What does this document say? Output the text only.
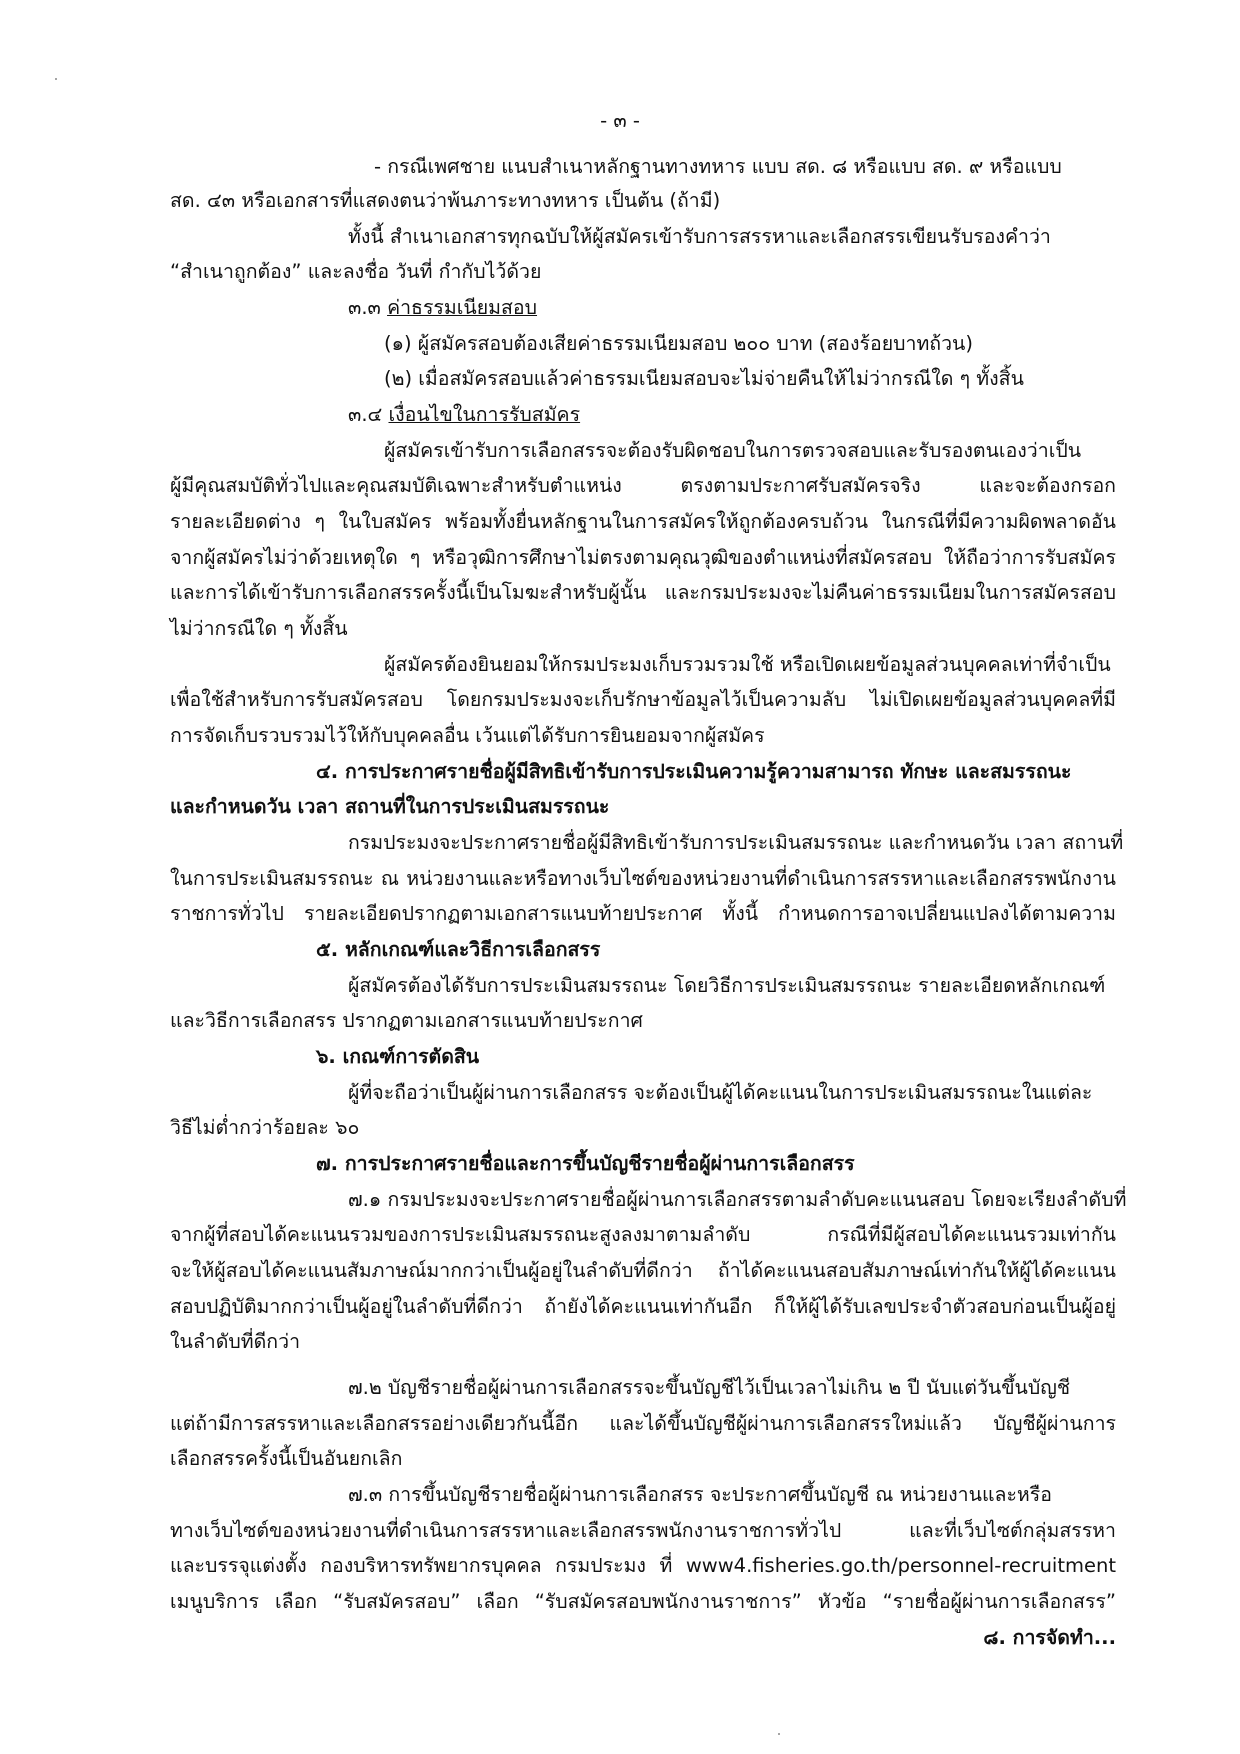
- ๓ -
- กรณีเพศชาย แนบสำเนาหลักฐานทางทหาร แบบ สด. ๘ หรือแบบ สด. ๙ หรือแบบ
สด. ๔๓ หรือเอกสารที่แสดงตนว่าพ้นภาระทางทหาร เป็นต้น (ถ้ามี)
ทั้งนี้ สำเนาเอกสารทุกฉบับให้ผู้สมัครเข้ารับการสรรหาและเลือกสรรเขียนรับรองคำว่า
“สำเนาถูกต้อง” และลงชื่อ วันที่ กำกับไว้ด้วย
๓.๓ ค่าธรรมเนียมสอบ
(๑) ผู้สมัครสอบต้องเสียค่าธรรมเนียมสอบ ๒๐๐ บาท (สองร้อยบาทถ้วน)
(๒) เมื่อสมัครสอบแล้วค่าธรรมเนียมสอบจะไม่จ่ายคืนให้ไม่ว่ากรณีใด ๆ ทั้งสิ้น
๓.๔ เงื่อนไขในการรับสมัคร
ผู้สมัครเข้ารับการเลือกสรรจะต้องรับผิดชอบในการตรวจสอบและรับรองตนเองว่าเป็น
ผู้มีคุณสมบัติทั่วไปและคุณสมบัติเฉพาะสำหรับตำแหน่ง ตรงตามประกาศรับสมัครจริง และจะต้องกรอก
รายละเอียดต่าง ๆ ในใบสมัคร พร้อมทั้งยื่นหลักฐานในการสมัครให้ถูกต้องครบถ้วน ในกรณีที่มีความผิดพลาดอัน
จากผู้สมัครไม่ว่าด้วยเหตุใด ๆ หรือวุฒิการศึกษาไม่ตรงตามคุณวุฒิของตำแหน่งที่สมัครสอบ ให้ถือว่าการรับสมัคร
และการได้เข้ารับการเลือกสรรครั้งนี้เป็นโมฆะสำหรับผู้นั้น และกรมประมงจะไม่คืนค่าธรรมเนียมในการสมัครสอบ
ไม่ว่ากรณีใด ๆ ทั้งสิ้น
ผู้สมัครต้องยินยอมให้กรมประมงเก็บรวมรวมใช้ หรือเปิดเผยข้อมูลส่วนบุคคลเท่าที่จำเป็น
เพื่อใช้สำหรับการรับสมัครสอบ โดยกรมประมงจะเก็บรักษาข้อมูลไว้เป็นความลับ ไม่เปิดเผยข้อมูลส่วนบุคคลที่มี
การจัดเก็บรวบรวมไว้ให้กับบุคคลอื่น เว้นแต่ได้รับการยินยอมจากผู้สมัคร
๔. การประกาศรายชื่อผู้มีสิทธิเข้ารับการประเมินความรู้ความสามารถ ทักษะ และสมรรถนะ
และกำหนดวัน เวลา สถานที่ในการประเมินสมรรถนะ
กรมประมงจะประกาศรายชื่อผู้มีสิทธิเข้ารับการประเมินสมรรถนะ และกำหนดวัน เวลา สถานที่
ในการประเมินสมรรถนะ ณ หน่วยงานและหรือทางเว็บไซต์ของหน่วยงานที่ดำเนินการสรรหาและเลือกสรรพนักงาน
ราชการทั่วไป รายละเอียดปรากฏตามเอกสารแนบท้ายประกาศ ทั้งนี้ กำหนดการอาจเปลี่ยนแปลงได้ตามความ
๕. หลักเกณฑ์และวิธีการเลือกสรร
ผู้สมัครต้องได้รับการประเมินสมรรถนะ โดยวิธีการประเมินสมรรถนะ รายละเอียดหลักเกณฑ์
และวิธีการเลือกสรร ปรากฏตามเอกสารแนบท้ายประกาศ
๖. เกณฑ์การตัดสิน
ผู้ที่จะถือว่าเป็นผู้ผ่านการเลือกสรร จะต้องเป็นผู้ได้คะแนนในการประเมินสมรรถนะในแต่ละ
วิธีไม่ต่ำกว่าร้อยละ ๖๐
๗. การประกาศรายชื่อและการขึ้นบัญชีรายชื่อผู้ผ่านการเลือกสรร
๗.๑ กรมประมงจะประกาศรายชื่อผู้ผ่านการเลือกสรรตามลำดับคะแนนสอบ โดยจะเรียงลำดับที่
จากผู้ที่สอบได้คะแนนรวมของการประเมินสมรรถนะสูงลงมาตามลำดับ กรณีที่มีผู้สอบได้คะแนนรวมเท่ากัน
จะให้ผู้สอบได้คะแนนสัมภาษณ์มากกว่าเป็นผู้อยู่ในลำดับที่ดีกว่า ถ้าได้คะแนนสอบสัมภาษณ์เท่ากันให้ผู้ได้คะแนน
สอบปฏิบัติมากกว่าเป็นผู้อยู่ในลำดับที่ดีกว่า ถ้ายังได้คะแนนเท่ากันอีก ก็ให้ผู้ได้รับเลขประจำตัวสอบก่อนเป็นผู้อยู่
ในลำดับที่ดีกว่า
๗.๒ บัญชีรายชื่อผู้ผ่านการเลือกสรรจะขึ้นบัญชีไว้เป็นเวลาไม่เกิน ๒ ปี นับแต่วันขึ้นบัญชี
แต่ถ้ามีการสรรหาและเลือกสรรอย่างเดียวกันนี้อีก และได้ขึ้นบัญชีผู้ผ่านการเลือกสรรใหม่แล้ว บัญชีผู้ผ่านการ
เลือกสรรครั้งนี้เป็นอันยกเลิก
๗.๓ การขึ้นบัญชีรายชื่อผู้ผ่านการเลือกสรร จะประกาศขึ้นบัญชี ณ หน่วยงานและหรือ
ทางเว็บไซต์ของหน่วยงานที่ดำเนินการสรรหาและเลือกสรรพนักงานราชการทั่วไป และที่เว็บไซต์กลุ่มสรรหา
และบรรจุแต่งตั้ง กองบริหารทรัพยากรบุคคล กรมประมง ที่ www4.fisheries.go.th/personnel-recruitment
เมนูบริการ เลือก “รับสมัครสอบ” เลือก “รับสมัครสอบพนักงานราชการ” หัวข้อ “รายชื่อผู้ผ่านการเลือกสรร”
๘. การจัดทำ...
